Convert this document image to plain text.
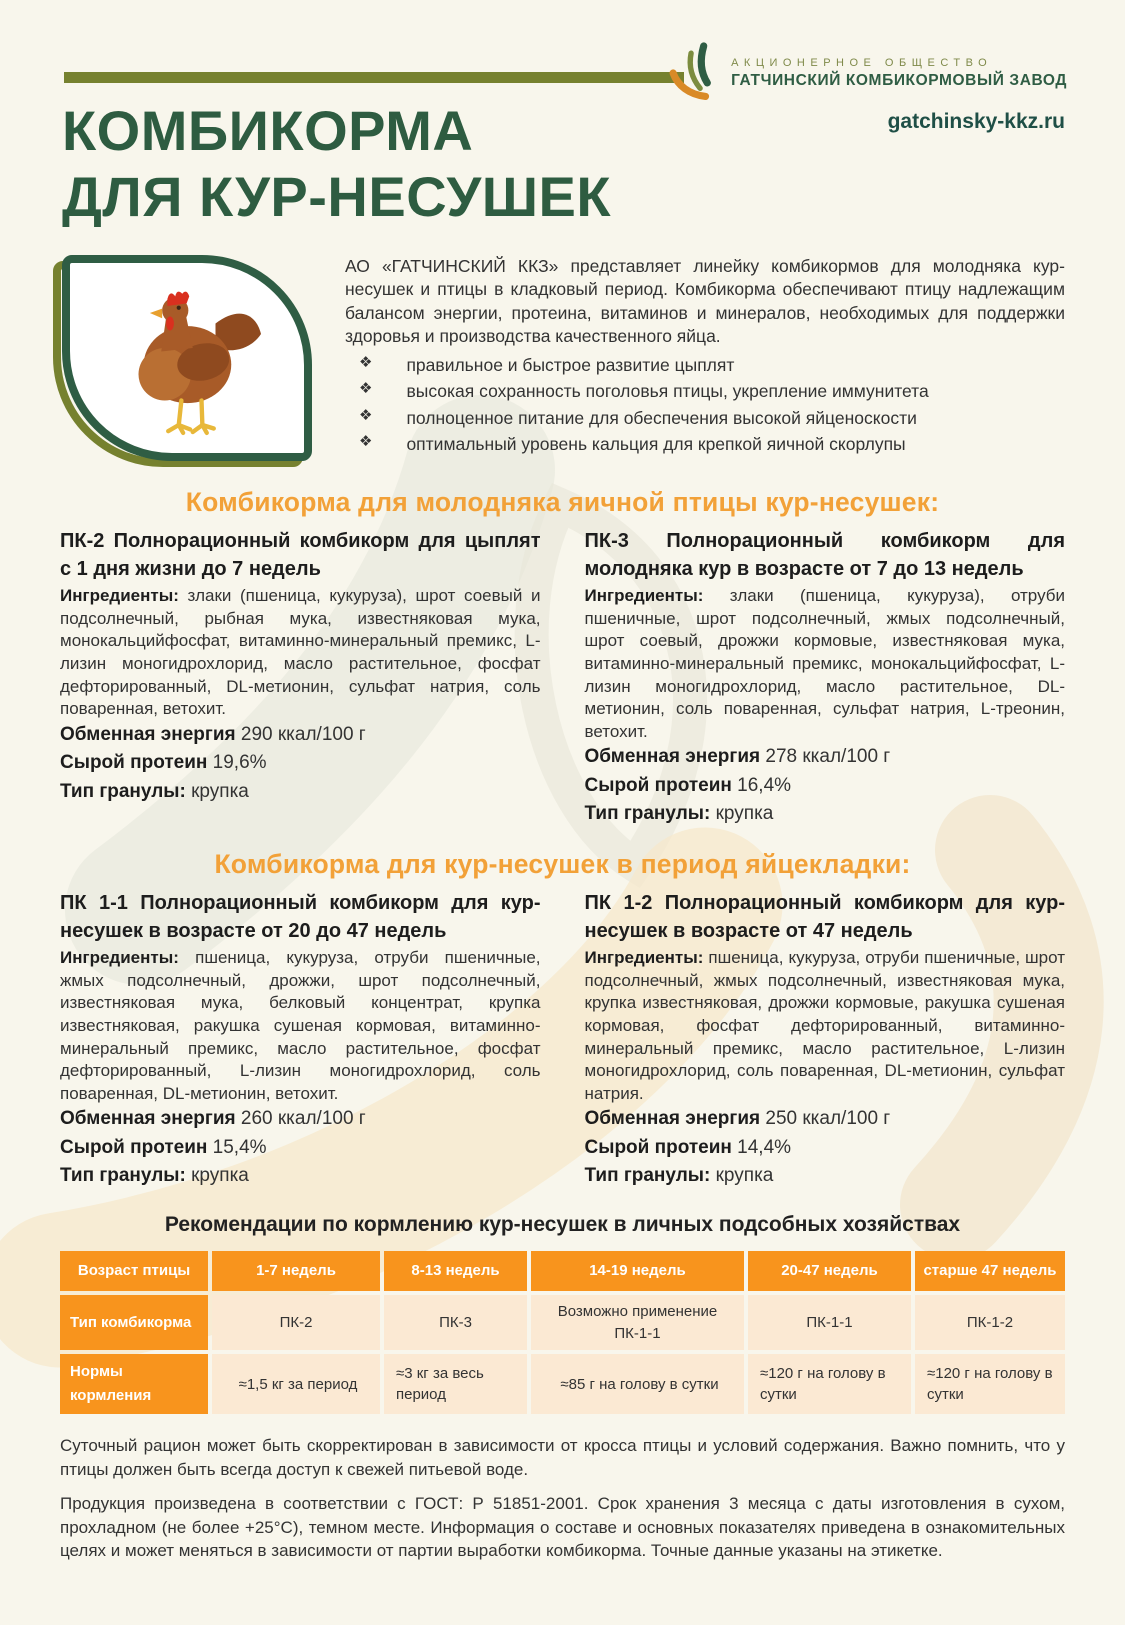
АКЦИОНЕРНОЕ ОБЩЕСТВО
ГАТЧИНСКИЙ КОМБИКОРМОВЫЙ ЗАВОД
gatchinsky-kkz.ru
КОМБИКОРМА
ДЛЯ КУР-НЕСУШЕК

АО «ГАТЧИНСКИЙ ККЗ» представляет линейку комбикормов для молодняка кур-несушек и птицы в кладковый период. Комбикорма обеспечивают птицу надлежащим балансом энергии, протеина, витаминов и минералов, необходимых для поддержки здоровья и производства качественного яйца.

❖ правильное и быстрое развитие цыплят
❖ высокая сохранность поголовья птицы, укрепление иммунитета
❖ полноценное питание для обеспечения высокой яйценоскости
❖ оптимальный уровень кальция для крепкой яичной скорлупы
Комбикорма для молодняка яичной птицы кур-несушек:
ПК-2 Полнорационный комбикорм для цыплят с 1 дня жизни до 7 недель

Ингредиенты: злаки (пшеница, кукуруза), шрот соевый и подсолнечный, рыбная мука, известняковая мука, монокальцийфосфат, витаминно-минеральный премикс, L-лизин моногидрохлорид, масло растительное, фосфат дефторированный, DL-метионин, сульфат натрия, соль поваренная, ветохит.

Обменная энергия 290 ккал/100 г
Сырой протеин 19,6%
Тип гранулы: крупка
ПК-3 Полнорационный комбикорм для молодняка кур в возрасте от 7 до 13 недель

Ингредиенты: злаки (пшеница, кукуруза), отруби пшеничные, шрот подсолнечный, жмых подсолнечный, шрот соевый, дрожжи кормовые, известняковая мука, витаминно-минеральный премикс, монокальцийфосфат, L-лизин моногидрохлорид, масло растительное, DL-метионин, соль поваренная, сульфат натрия, L-треонин, ветохит.

Обменная энергия 278 ккал/100 г
Сырой протеин 16,4%
Тип гранулы: крупка
Комбикорма для кур-несушек в период яйцекладки:
ПК 1-1 Полнорационный комбикорм для кур-несушек в возрасте от 20 до 47 недель

Ингредиенты: пшеница, кукуруза, отруби пшеничные, жмых подсолнечный, дрожжи, шрот подсолнечный, известняковая мука, белковый концентрат, крупка известняковая, ракушка сушеная кормовая, витаминно-минеральный премикс, масло растительное, фосфат дефторированный, L-лизин моногидрохлорид, соль поваренная, DL-метионин, ветохит.

Обменная энергия 260 ккал/100 г
Сырой протеин 15,4%
Тип гранулы: крупка
ПК 1-2 Полнорационный комбикорм для кур-несушек в возрасте от 47 недель

Ингредиенты: пшеница, кукуруза, отруби пшеничные, шрот подсолнечный, жмых подсолнечный, известняковая мука, крупка известняковая, дрожжи кормовые, ракушка сушеная кормовая, фосфат дефторированный, витаминно-минеральный премикс, масло растительное, L-лизин моногидрохлорид, соль поваренная, DL-метионин, сульфат натрия.

Обменная энергия 250 ккал/100 г
Сырой протеин 14,4%
Тип гранулы: крупка
Рекомендации по кормлению кур-несушек в личных подсобных хозяйствах
Возраст птицы	1-7 недель	8-13 недель	14-19 недель	20-47 недель	старше 47 недель
Тип комбикорма	ПК-2	ПК-3	Возможно применение ПК-1-1	ПК-1-1	ПК-1-2
Нормы кормления	≈1,5 кг за период	≈3 кг за весь период	≈85 г на голову в сутки	≈120 г на голову в сутки	≈120 г на голову в сутки

Суточный рацион может быть скорректирован в зависимости от кросса птицы и условий содержания. Важно помнить, что у птицы должен быть всегда доступ к свежей питьевой воде.

Продукция произведена в соответствии с ГОСТ: Р 51851-2001. Срок хранения 3 месяца с даты изготовления в сухом, прохладном (не более +25°С), темном месте. Информация о составе и основных показателях приведена в ознакомительных целях и может меняться в зависимости от партии выработки комбикорма. Точные данные указаны на этикетке.
